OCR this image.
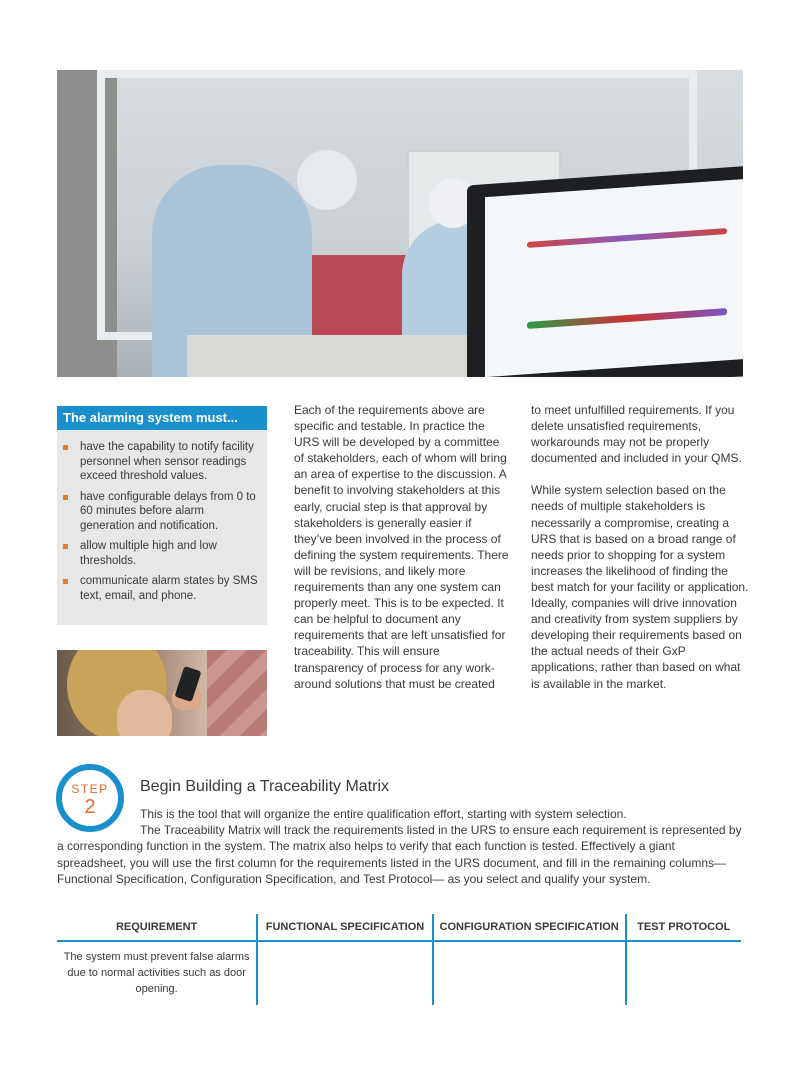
The alarming system must...
have the capability to notify facility personnel when sensor readings exceed threshold values.
have configurable delays from 0 to 60 minutes before alarm generation and notification.
allow multiple high and low thresholds.
communicate alarm states by SMS text, email, and phone.

Each of the requirements above are specific and testable. In practice the URS will be developed by a committee of stakeholders, each of whom will bring an area of expertise to the discussion. A benefit to involving stakeholders at this early, crucial step is that approval by stakeholders is generally easier if they’ve been involved in the process of defining the system requirements. There will be revisions, and likely more requirements than any one system can properly meet. This is to be expected. It can be helpful to document any requirements that are left unsatisfied for traceability. This will ensure transparency of process for any work-around solutions that must be created

to meet unfulfilled requirements. If you delete unsatisfied requirements, workarounds may not be properly documented and included in your QMS.

While system selection based on the needs of multiple stakeholders is necessarily a compromise, creating a URS that is based on a broad range of needs prior to shopping for a system increases the likelihood of finding the best match for your facility or application. Ideally, companies will drive innovation and creativity from system suppliers by developing their requirements based on the actual needs of their GxP applications, rather than based on what is available in the market.

STEP
2
Begin Building a Traceability Matrix
This is the tool that will organize the entire qualification effort, starting with system selection.
The Traceability Matrix will track the requirements listed in the URS to ensure each requirement is represented by a corresponding function in the system. The matrix also helps to verify that each function is tested. Effectively a giant spreadsheet, you will use the first column for the requirements listed in the URS document, and fill in the remaining columns—Functional Specification, Configuration Specification, and Test Protocol— as you select and qualify your system.
REQUIREMENT	FUNCTIONAL SPECIFICATION	CONFIGURATION SPECIFICATION	TEST PROTOCOL
The system must prevent false alarms due to normal activities such as door opening.			
